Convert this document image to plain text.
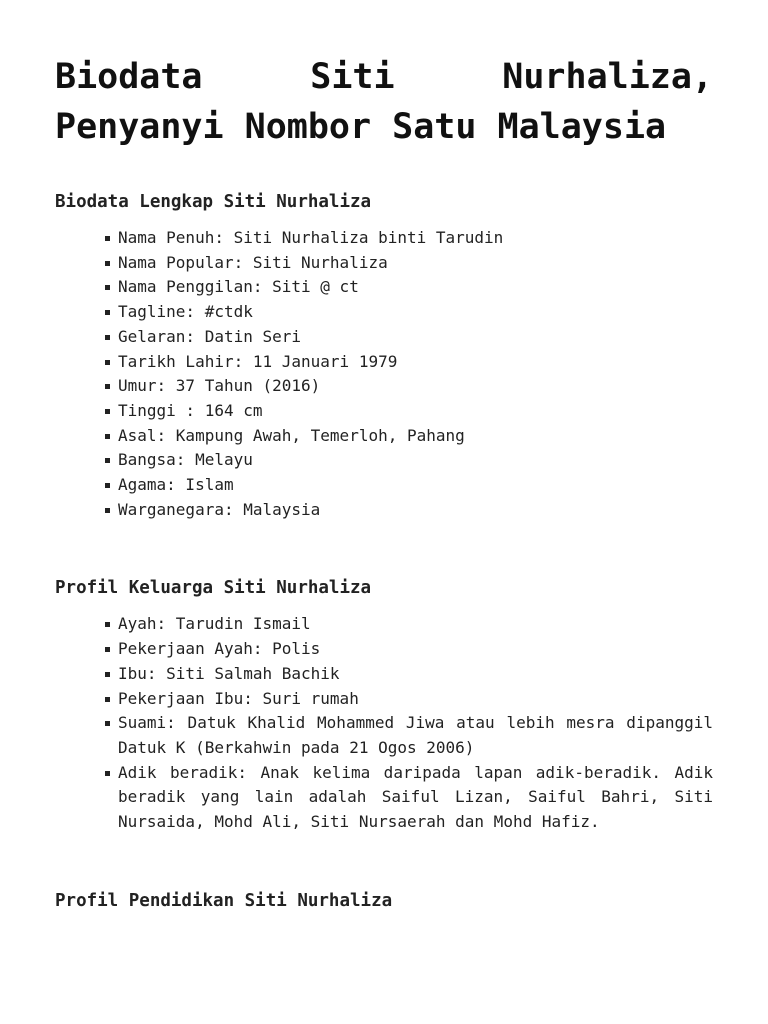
Biodata Siti Nurhaliza, Penyanyi Nombor Satu Malaysia
Biodata Lengkap Siti Nurhaliza
Nama Penuh: Siti Nurhaliza binti Tarudin
Nama Popular: Siti Nurhaliza
Nama Penggilan: Siti @ ct
Tagline: #ctdk
Gelaran: Datin Seri
Tarikh Lahir: 11 Januari 1979
Umur: 37 Tahun (2016)
Tinggi : 164 cm
Asal: Kampung Awah, Temerloh, Pahang
Bangsa: Melayu
Agama: Islam
Warganegara: Malaysia
Profil Keluarga Siti Nurhaliza
Ayah: Tarudin Ismail
Pekerjaan Ayah: Polis
Ibu: Siti Salmah Bachik
Pekerjaan Ibu: Suri rumah
Suami: Datuk Khalid Mohammed Jiwa atau lebih mesra dipanggil Datuk K (Berkahwin pada 21 Ogos 2006)
Adik beradik: Anak kelima daripada lapan adik-beradik. Adik beradik yang lain adalah Saiful Lizan, Saiful Bahri, Siti Nursaida, Mohd Ali, Siti Nursaerah dan Mohd Hafiz.
Profil Pendidikan Siti Nurhaliza
